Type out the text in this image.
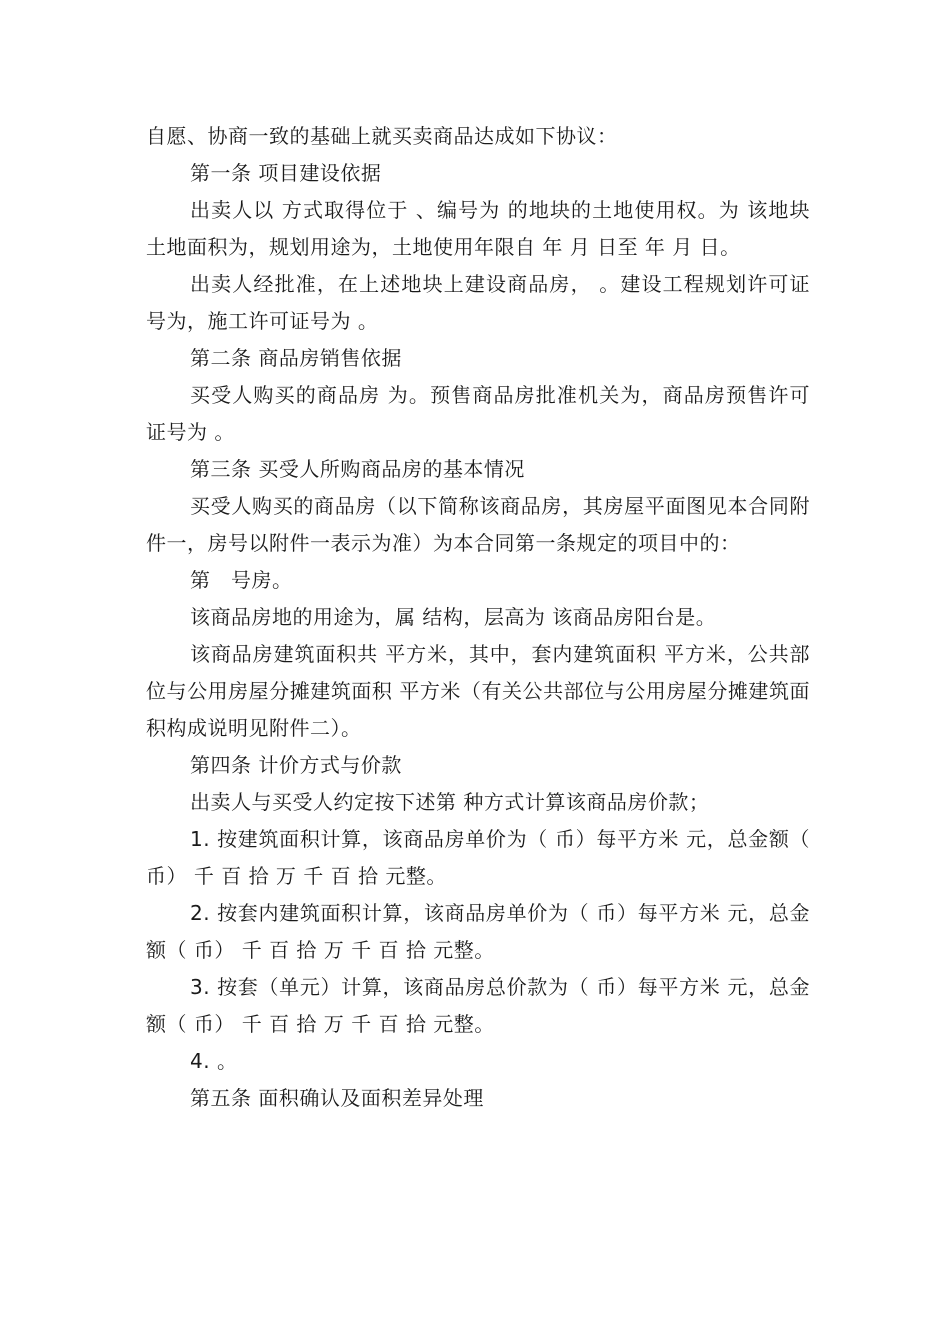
自愿、协商一致的基础上就买卖商品达成如下协议：

第一条 项目建设依据

出卖人以 方式取得位于 、编号为 的地块的土地使用权。为 该地块土地面积为，规划用途为，土地使用年限自 年 月 日至 年 月 日。

出卖人经批准，在上述地块上建设商品房， 。建设工程规划许可证号为，施工许可证号为 。

第二条 商品房销售依据

买受人购买的商品房 为。预售商品房批准机关为，商品房预售许可证号为 。

第三条 买受人所购商品房的基本情况

买受人购买的商品房（以下简称该商品房，其房屋平面图见本合同附件一，房号以附件一表示为准）为本合同第一条规定的项目中的：

第　号房。

该商品房地的用途为，属 结构，层高为 该商品房阳台是。

该商品房建筑面积共 平方米，其中，套内建筑面积 平方米，公共部位与公用房屋分摊建筑面积 平方米（有关公共部位与公用房屋分摊建筑面积构成说明见附件二）。

第四条 计价方式与价款

出卖人与买受人约定按下述第 种方式计算该商品房价款；

1. 按建筑面积计算，该商品房单价为（ 币）每平方米 元，总金额（ 币） 千 百 拾 万 千 百 拾 元整。

2. 按套内建筑面积计算，该商品房单价为（ 币）每平方米 元，总金额（ 币） 千 百 拾 万 千 百 拾 元整。

3. 按套（单元）计算，该商品房总价款为（ 币）每平方米 元，总金额（ 币） 千 百 拾 万 千 百 拾 元整。

4. 。

第五条 面积确认及面积差异处理
